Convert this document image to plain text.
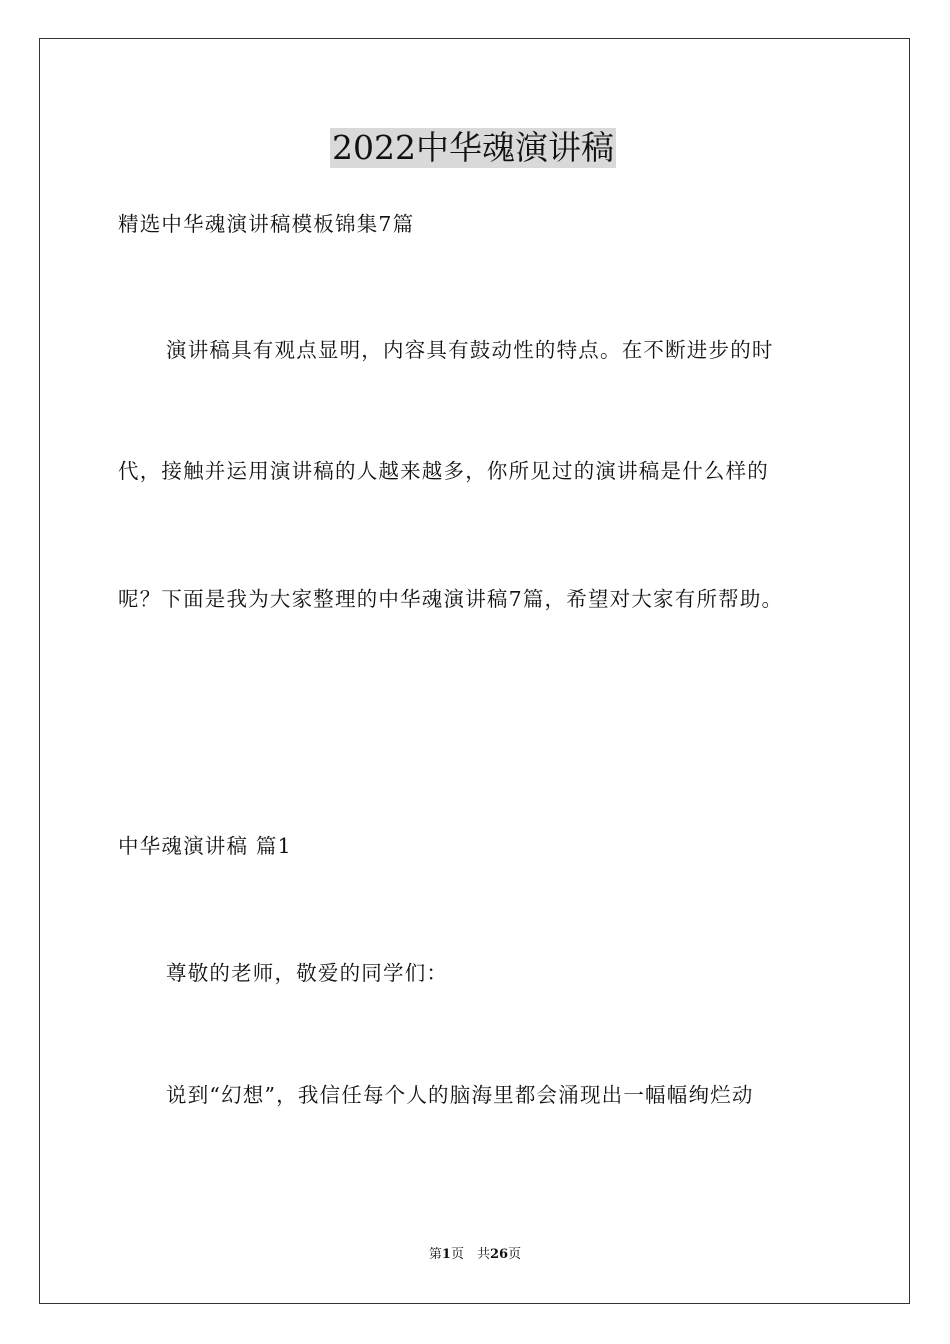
2022中华魂演讲稿
精选中华魂演讲稿模板锦集7篇
演讲稿具有观点显明，内容具有鼓动性的特点。在不断进步的时
代，接触并运用演讲稿的人越来越多，你所见过的演讲稿是什么样的
呢？下面是我为大家整理的中华魂演讲稿7篇，希望对大家有所帮助。
中华魂演讲稿 篇1
尊敬的老师，敬爱的同学们：
说到“幻想”，我信任每个人的脑海里都会涌现出一幅幅绚烂动
第1页　共26页
